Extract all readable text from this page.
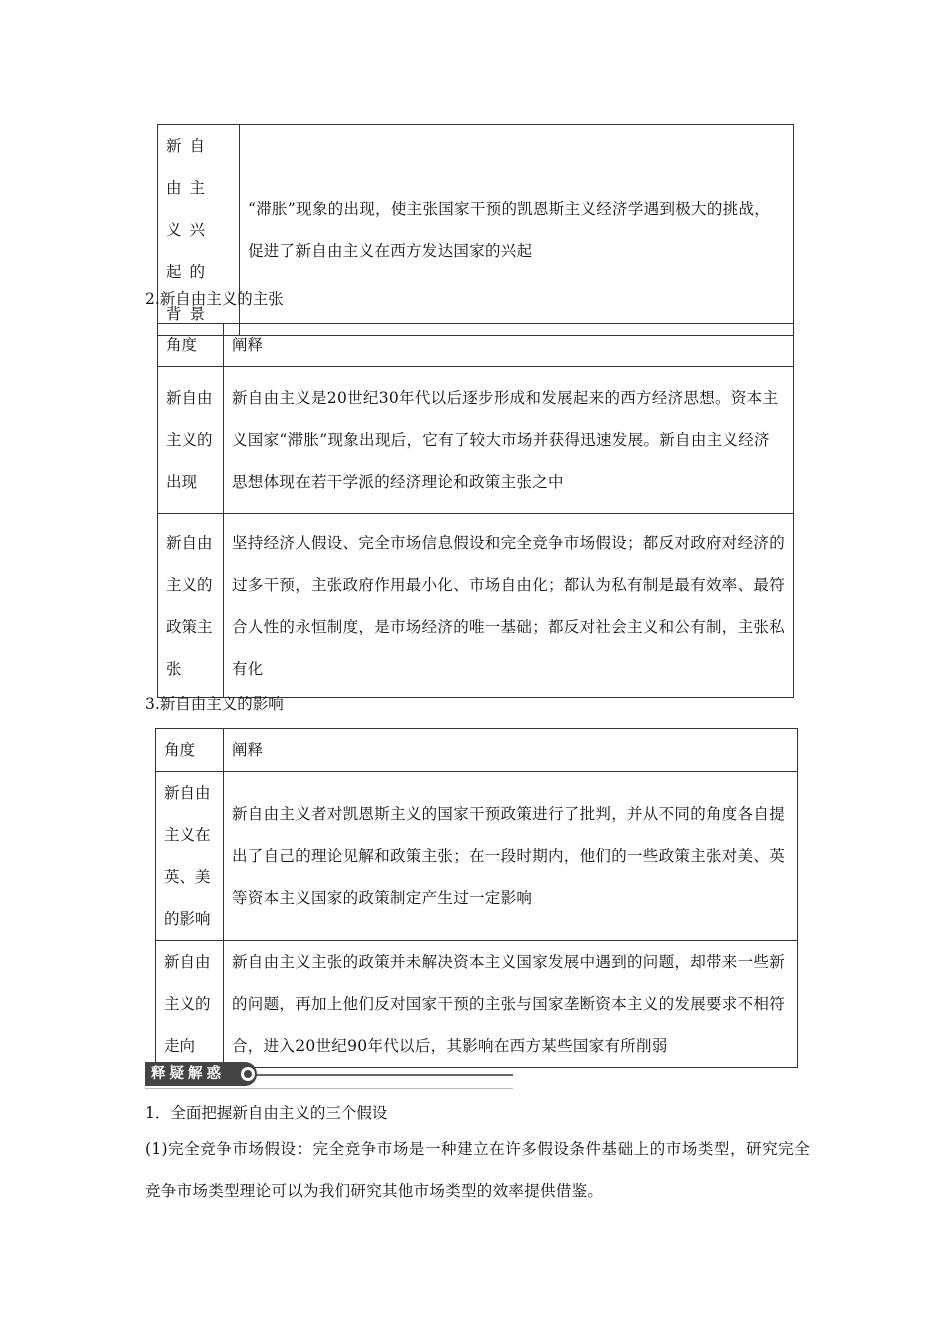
新自由主义兴起的背景	“滞胀”现象的出现，使主张国家干预的凯恩斯主义经济学遇到极大的挑战，促进了新自由主义在西方发达国家的兴起
2.新自由主义的主张
角度	阐释
新自由主义的出现	新自由主义是20世纪30年代以后逐步形成和发展起来的西方经济思想。资本主义国家“滞胀”现象出现后，它有了较大市场并获得迅速发展。新自由主义经济思想体现在若干学派的经济理论和政策主张之中
新自由主义的政策主张	坚持经济人假设、完全市场信息假设和完全竞争市场假设；都反对政府对经济的过多干预，主张政府作用最小化、市场自由化；都认为私有制是最有效率、最符合人性的永恒制度，是市场经济的唯一基础；都反对社会主义和公有制，主张私有化
3.新自由主义的影响
角度	阐释
新自由主义在英、美的影响	新自由主义者对凯恩斯主义的国家干预政策进行了批判，并从不同的角度各自提出了自己的理论见解和政策主张；在一段时期内，他们的一些政策主张对美、英等资本主义国家的政策制定产生过一定影响
新自由主义的走向	新自由主义主张的政策并未解决资本主义国家发展中遇到的问题，却带来一些新的问题，再加上他们反对国家干预的主张与国家垄断资本主义的发展要求不相符合，进入20世纪90年代以后，其影响在西方某些国家有所削弱
释疑解惑
1．全面把握新自由主义的三个假设
(1)完全竞争市场假设：完全竞争市场是一种建立在许多假设条件基础上的市场类型，研究完全竞争市场类型理论可以为我们研究其他市场类型的效率提供借鉴。
